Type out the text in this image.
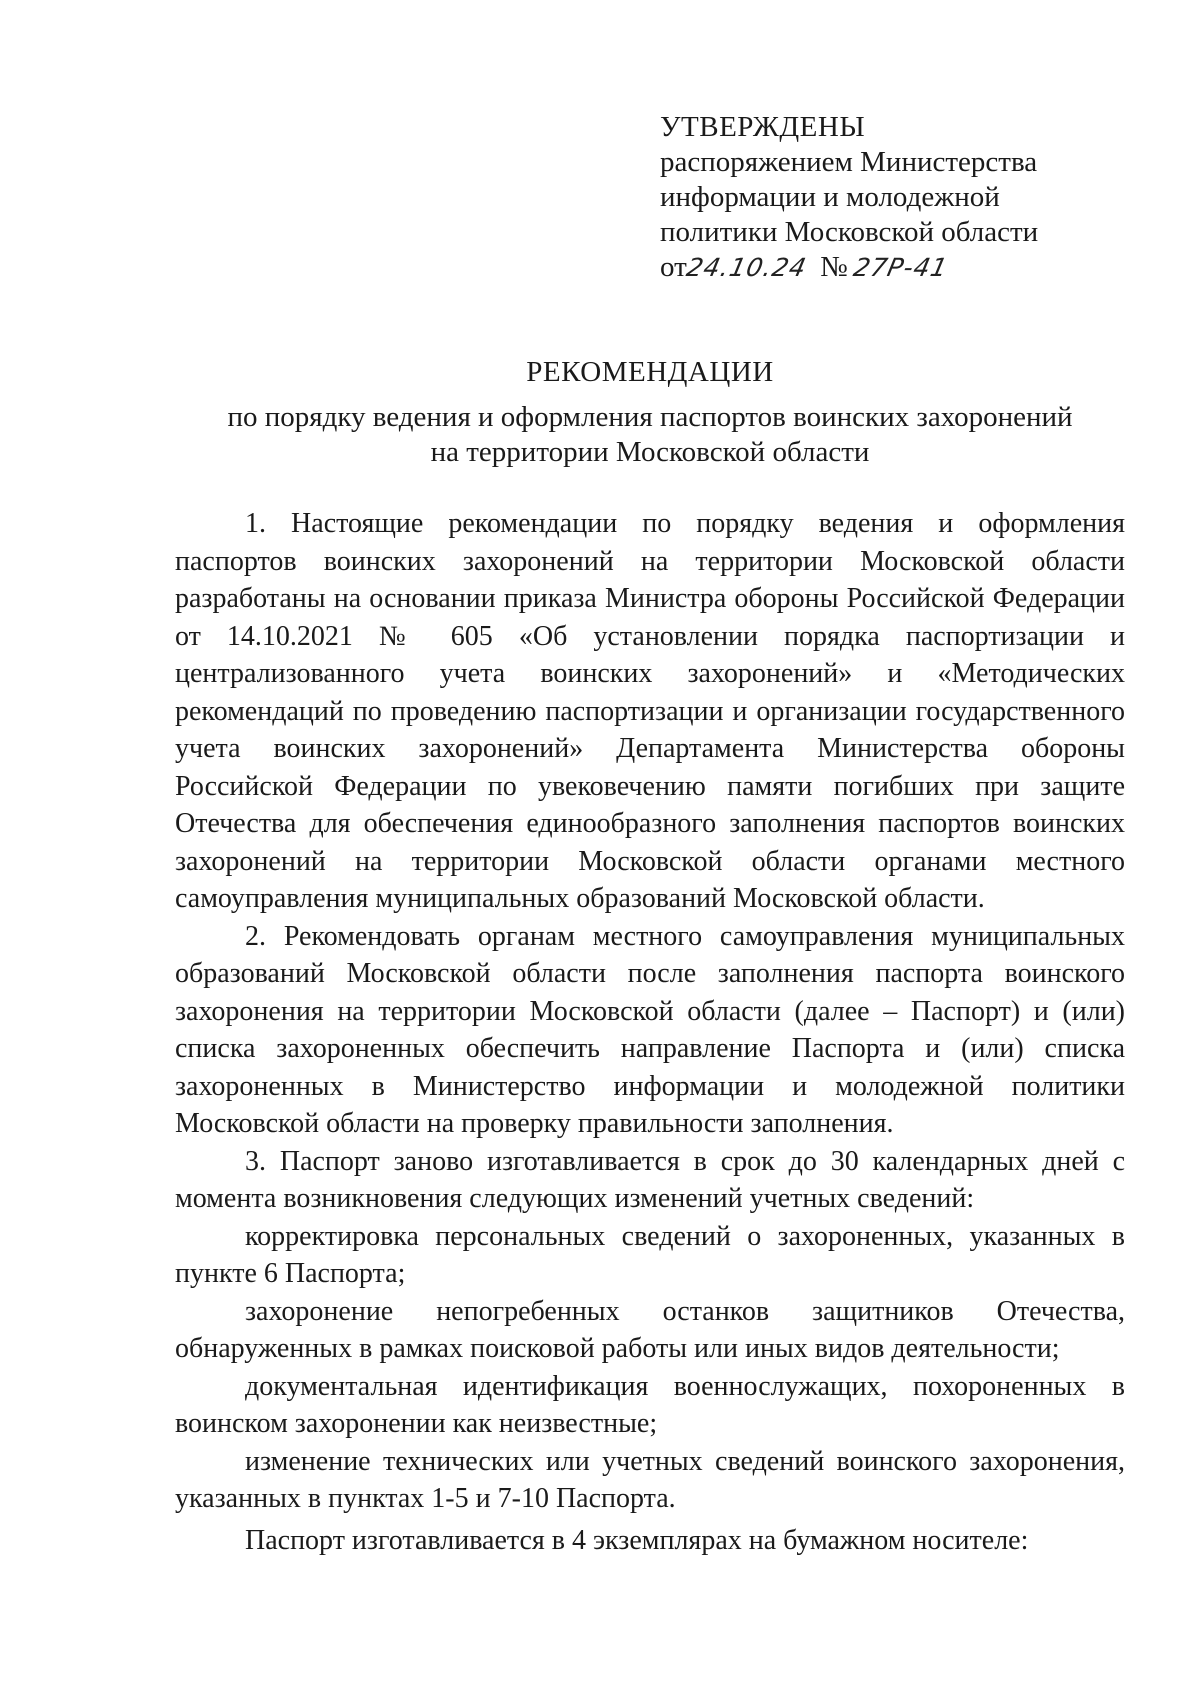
УТВЕРЖДЕНЫ
распоряжением Министерства
информации и молодежной
политики Московской области
от
24.10.24 № 27Р-41
РЕКОМЕНДАЦИИ
по порядку ведения и оформления паспортов воинских захоронений
на территории Московской области

1. Настоящие рекомендации по порядку ведения и оформления паспортов воинских захоронений на территории Московской области разработаны на основании приказа Министра обороны Российской Федерации от 14.10.2021 № 605 «Об установлении порядка паспортизации и централизованного учета воинских захоронений» и «Методических рекомендаций по проведению паспортизации и организации государственного учета воинских захоронений» Департамента Министерства обороны Российской Федерации по увековечению памяти погибших при защите Отечества для обеспечения единообразного заполнения паспортов воинских захоронений на территории Московской области органами местного самоуправления муниципальных образований Московской области.

2. Рекомендовать органам местного самоуправления муниципальных образований Московской области после заполнения паспорта воинского захоронения на территории Московской области (далее – Паспорт) и (или) списка захороненных обеспечить направление Паспорта и (или) списка захороненных в Министерство информации и молодежной политики Московской области на проверку правильности заполнения.

3. Паспорт заново изготавливается в срок до 30 календарных дней с момента возникновения следующих изменений учетных сведений:

корректировка персональных сведений о захороненных, указанных в пункте 6 Паспорта;

захоронение непогребенных останков защитников Отечества, обнаруженных в рамках поисковой работы или иных видов деятельности;

документальная идентификация военнослужащих, похороненных в воинском захоронении как неизвестные;

изменение технических или учетных сведений воинского захоронения, указанных в пунктах 1-5 и 7-10 Паспорта.

Паспорт изготавливается в 4 экземплярах на бумажном носителе:
